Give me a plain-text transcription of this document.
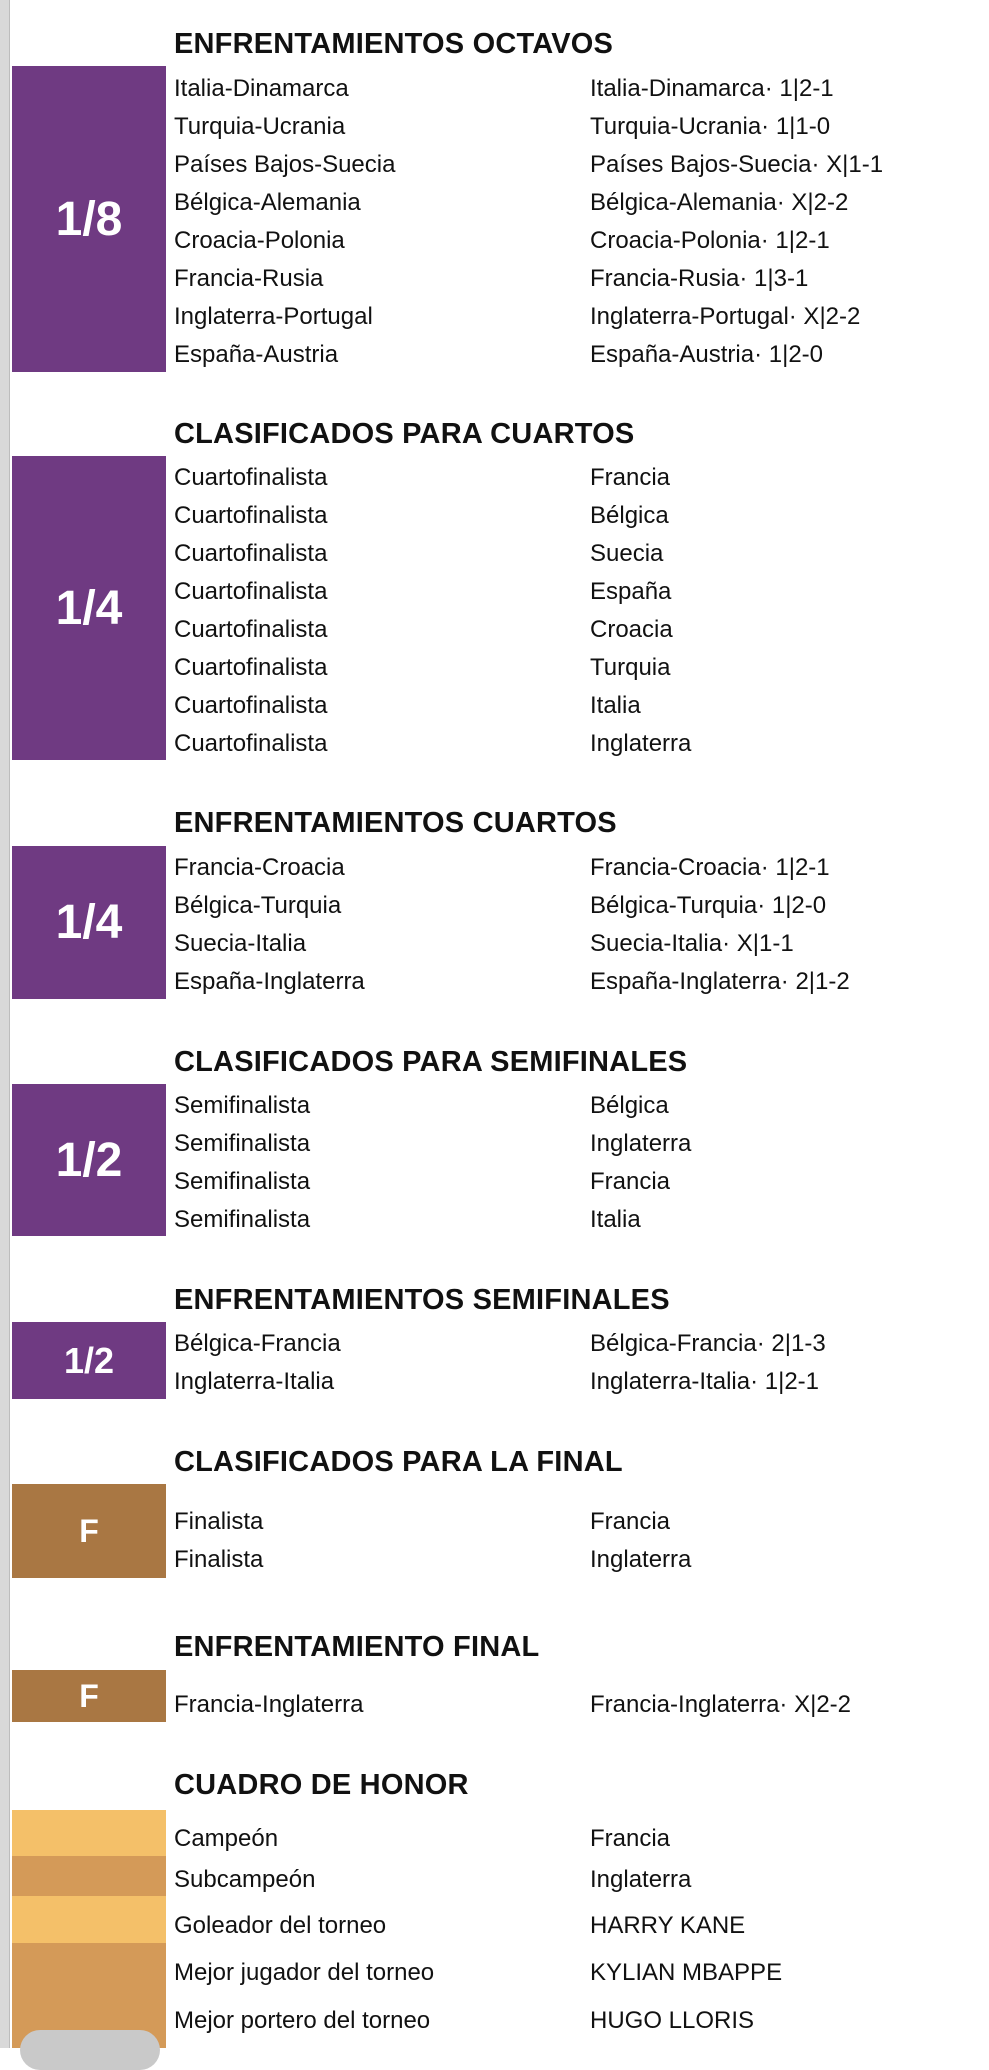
ENFRENTAMIENTOS OCTAVOS
1/8
Italia-Dinamarca	Italia-Dinamarca· 1|2-1
Turquia-Ucrania	Turquia-Ucrania· 1|1-0
Países Bajos-Suecia	Países Bajos-Suecia· X|1-1
Bélgica-Alemania	Bélgica-Alemania· X|2-2
Croacia-Polonia	Croacia-Polonia· 1|2-1
Francia-Rusia	Francia-Rusia· 1|3-1
Inglaterra-Portugal	Inglaterra-Portugal· X|2-2
España-Austria	España-Austria· 1|2-0
CLASIFICADOS PARA CUARTOS
1/4
Cuartofinalista	Francia
Cuartofinalista	Bélgica
Cuartofinalista	Suecia
Cuartofinalista	España
Cuartofinalista	Croacia
Cuartofinalista	Turquia
Cuartofinalista	Italia
Cuartofinalista	Inglaterra
ENFRENTAMIENTOS CUARTOS
1/4
Francia-Croacia	Francia-Croacia· 1|2-1
Bélgica-Turquia	Bélgica-Turquia· 1|2-0
Suecia-Italia	Suecia-Italia· X|1-1
España-Inglaterra	España-Inglaterra· 2|1-2
CLASIFICADOS PARA SEMIFINALES
1/2
Semifinalista	Bélgica
Semifinalista	Inglaterra
Semifinalista	Francia
Semifinalista	Italia
ENFRENTAMIENTOS SEMIFINALES
1/2	Bélgica-Francia	Bélgica-Francia· 2|1-3
Inglaterra-Italia	Inglaterra-Italia· 1|2-1
CLASIFICADOS PARA LA FINAL
F	Finalista	Francia
Finalista	Inglaterra
ENFRENTAMIENTO FINAL
F	Francia-Inglaterra	Francia-Inglaterra· X|2-2
CUADRO DE HONOR
Campeón	Francia
Subcampeón	Inglaterra
Goleador del torneo	HARRY KANE
Mejor jugador del torneo	KYLIAN MBAPPE
Mejor portero del torneo	HUGO LLORIS
